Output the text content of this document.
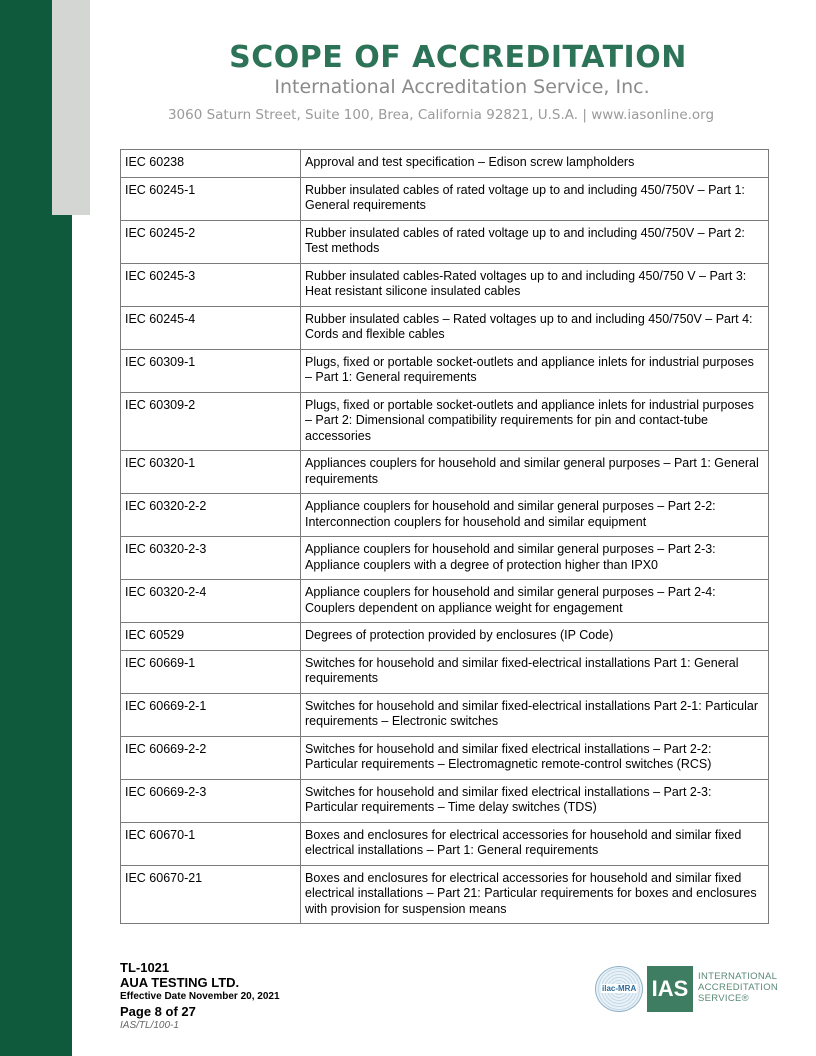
SCOPE OF ACCREDITATION
International Accreditation Service, Inc.
3060 Saturn Street, Suite 100, Brea, California 92821, U.S.A. | www.iasonline.org
IEC 60238	Approval and test specification – Edison screw lampholders
IEC 60245-1	Rubber insulated cables of rated voltage up to and including 450/750V – Part 1: General requirements
IEC 60245-2	Rubber insulated cables of rated voltage up to and including 450/750V – Part 2: Test methods
IEC 60245-3	Rubber insulated cables-Rated voltages up to and including 450/750 V – Part 3: Heat resistant silicone insulated cables
IEC 60245-4	Rubber insulated cables – Rated voltages up to and including 450/750V – Part 4: Cords and flexible cables
IEC 60309-1	Plugs, fixed or portable socket-outlets and appliance inlets for industrial purposes – Part 1: General requirements
IEC 60309-2	Plugs, fixed or portable socket-outlets and appliance inlets for industrial purposes – Part 2: Dimensional compatibility requirements for pin and contact-tube accessories
IEC 60320-1	Appliances couplers for household and similar general purposes – Part 1: General requirements
IEC 60320-2-2	Appliance couplers for household and similar general purposes – Part 2-2: Interconnection couplers for household and similar equipment
IEC 60320-2-3	Appliance couplers for household and similar general purposes – Part 2-3: Appliance couplers with a degree of protection higher than IPX0
IEC 60320-2-4	Appliance couplers for household and similar general purposes – Part 2-4: Couplers dependent on appliance weight for engagement
IEC 60529	Degrees of protection provided by enclosures (IP Code)
IEC 60669-1	Switches for household and similar fixed-electrical installations Part 1: General requirements
IEC 60669-2-1	Switches for household and similar fixed-electrical installations Part 2-1: Particular requirements – Electronic switches
IEC 60669-2-2	Switches for household and similar fixed electrical installations – Part 2-2: Particular requirements – Electromagnetic remote-control switches (RCS)
IEC 60669-2-3	Switches for household and similar fixed electrical installations – Part 2-3: Particular requirements – Time delay switches (TDS)
IEC 60670-1	Boxes and enclosures for electrical accessories for household and similar fixed electrical installations – Part 1: General requirements
IEC 60670-21	Boxes and enclosures for electrical accessories for household and similar fixed electrical installations – Part 21: Particular requirements for boxes and enclosures with provision for suspension means
TL-1021
AUA TESTING LTD.
Effective Date November 20, 2021
Page 8 of 27
IAS/TL/100-1
ilac-MRA IAS	INTERNATIONAL
ACCREDITATION
SERVICE®
